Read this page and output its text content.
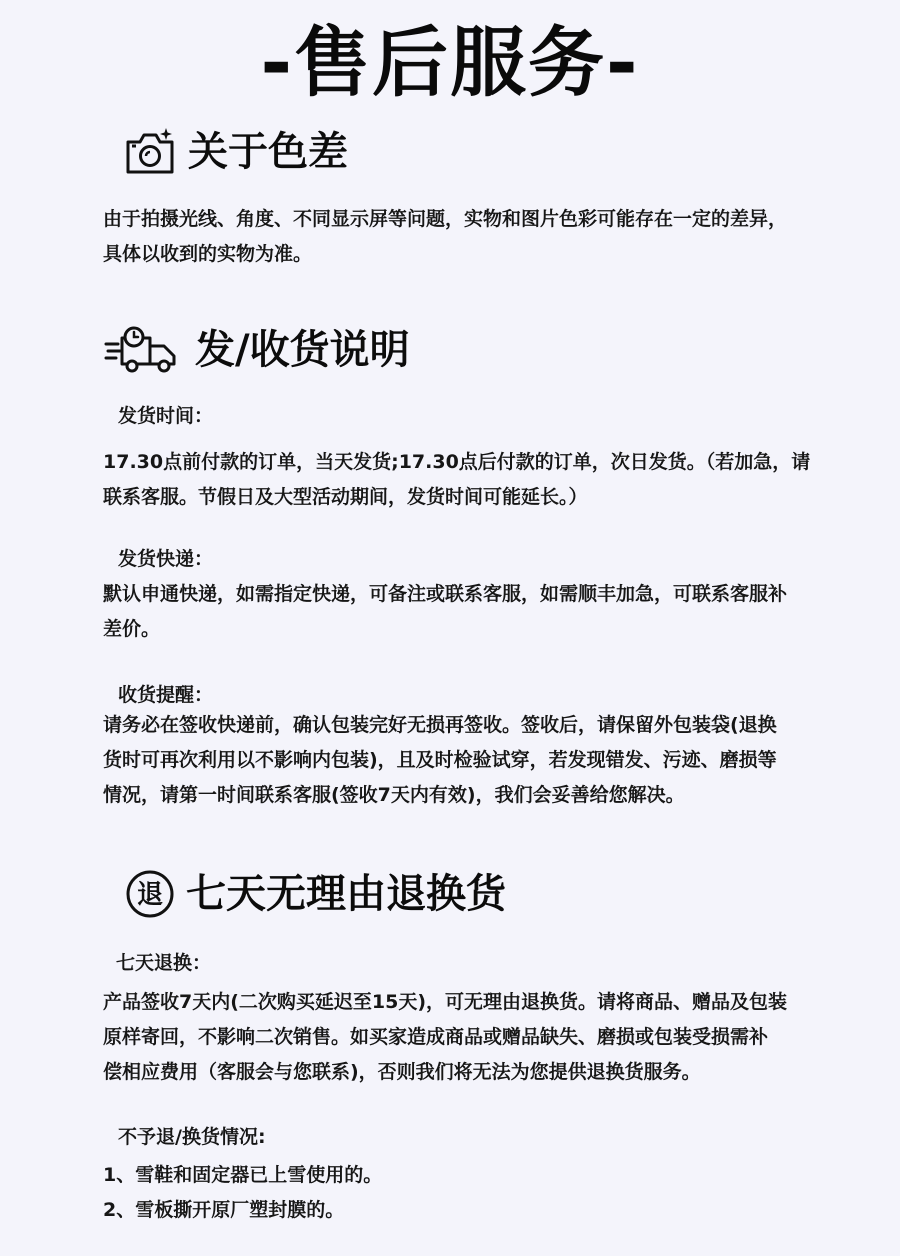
-售后服务-
关于色差

由于拍摄光线、角度、不同显示屏等问题，实物和图片色彩可能存在一定的差异，
具体以收到的实物为准。

发/收货说明
发货时间：

17.30点前付款的订单，当天发货;17.30点后付款的订单，次日发货。（若加急，请
联系客服。节假日及大型活动期间，发货时间可能延长。）

发货快递：

默认申通快递，如需指定快递，可备注或联系客服，如需顺丰加急，可联系客服补
差价。

收货提醒：

请务必在签收快递前，确认包装完好无损再签收。签收后，请保留外包装袋(退换
货时可再次利用以不影响内包装)，且及时检验试穿，若发现错发、污迹、磨损等
情况，请第一时间联系客服(签收7天内有效)，我们会妥善给您解决。

退 七天无理由退换货
七天退换：

产品签收7天内(二次购买延迟至15天)，可无理由退换货。请将商品、赠品及包装
原样寄回，不影响二次销售。如买家造成商品或赠品缺失、磨损或包装受损需补
偿相应费用（客服会与您联系)，否则我们将无法为您提供退换货服务。

不予退/换货情况:
1、雪鞋和固定器已上雪使用的。
2、雪板撕开原厂塑封膜的。
